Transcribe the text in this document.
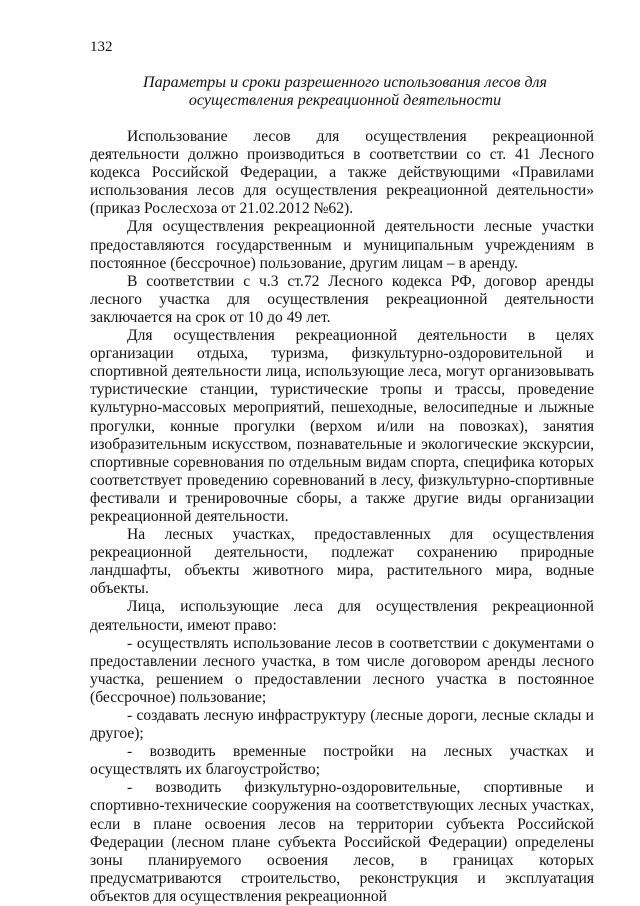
132
Параметры и сроки разрешенного использования лесов для осуществления рекреационной деятельности

Использование лесов для осуществления рекреационной деятельности должно производиться в соответствии со ст. 41 Лесного кодекса Российской Федерации, а также действующими «Правилами использования лесов для осуществления рекреационной деятельности» (приказ Рослесхоза от 21.02.2012 №62).

Для осуществления рекреационной деятельности лесные участки предоставляются государственным и муниципальным учреждениям в постоянное (бессрочное) пользование, другим лицам – в аренду.

В соответствии с ч.3 ст.72 Лесного кодекса РФ, договор аренды лесного участка для осуществления рекреационной деятельности заключается на срок от 10 до 49 лет.

Для осуществления рекреационной деятельности в целях организации отдыха, туризма, физкультурно-оздоровительной и спортивной деятельности лица, использующие леса, могут организовывать туристические станции, туристические тропы и трассы, проведение культурно-массовых мероприятий, пешеходные, велосипедные и лыжные прогулки, конные прогулки (верхом и/или на повозках), занятия изобразительным искусством, познавательные и экологические экскурсии, спортивные соревнования по отдельным видам спорта, специфика которых соответствует проведению соревнований в лесу, физкультурно-спортивные фестивали и тренировочные сборы, а также другие виды организации рекреационной деятельности.

На лесных участках, предоставленных для осуществления рекреационной деятельности, подлежат сохранению природные ландшафты, объекты животного мира, растительного мира, водные объекты.

Лица, использующие леса для осуществления рекреационной деятельности, имеют право:

- осуществлять использование лесов в соответствии с документами о предоставлении лесного участка, в том числе договором аренды лесного участка, решением о предоставлении лесного участка в постоянное (бессрочное) пользование;

- создавать лесную инфраструктуру (лесные дороги, лесные склады и другое);

- возводить временные постройки на лесных участках и осуществлять их благоустройство;

- возводить физкультурно-оздоровительные, спортивные и спортивно-технические сооружения на соответствующих лесных участках, если в плане освоения лесов на территории субъекта Российской Федерации (лесном плане субъекта Российской Федерации) определены зоны планируемого освоения лесов, в границах которых предусматриваются строительство, реконструкция и эксплуатация объектов для осуществления рекреационной
